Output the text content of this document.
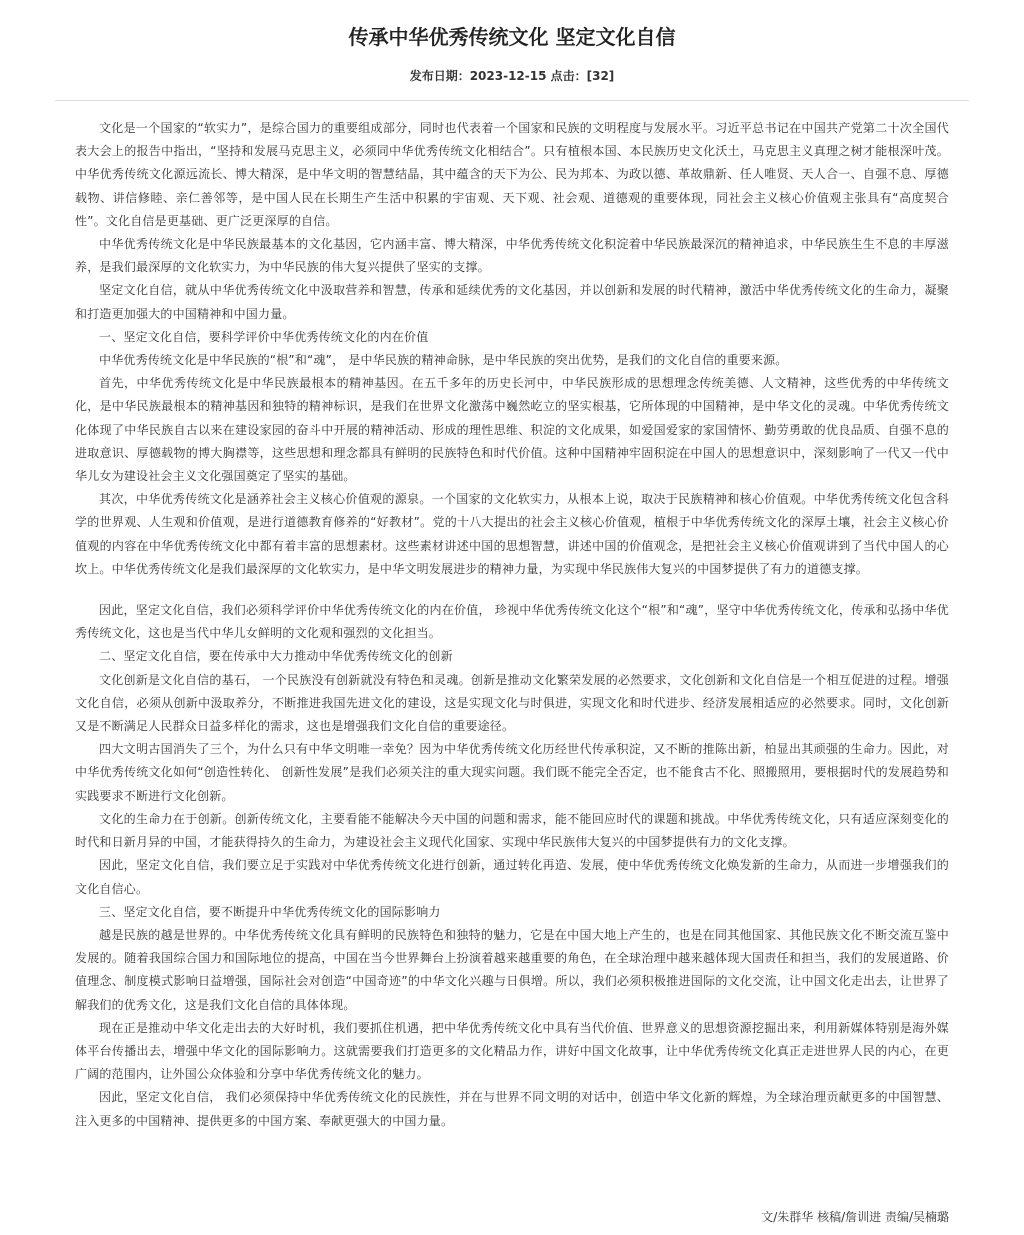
传承中华优秀传统文化 坚定文化自信
发布日期：2023-12-15 点击：[32]

文化是一个国家的“软实力”，是综合国力的重要组成部分，同时也代表着一个国家和民族的文明程度与发展水平。习近平总书记在中国共产党第二十次全国代表大会上的报告中指出，“坚持和发展马克思主义，必须同中华优秀传统文化相结合”。只有植根本国、本民族历史文化沃土，马克思主义真理之树才能根深叶茂。中华优秀传统文化源远流长、博大精深，是中华文明的智慧结晶，其中蕴含的天下为公、民为邦本、为政以德、革故鼎新、任人唯贤、天人合一、自强不息、厚德载物、讲信修睦、亲仁善邻等，是中国人民在长期生产生活中积累的宇宙观、天下观、社会观、道德观的重要体现，同社会主义核心价值观主张具有“高度契合性”。文化自信是更基础、更广泛更深厚的自信。

中华优秀传统文化是中华民族最基本的文化基因，它内涵丰富、博大精深，中华优秀传统文化积淀着中华民族最深沉的精神追求，中华民族生生不息的丰厚滋养，是我们最深厚的文化软实力，为中华民族的伟大复兴提供了坚实的支撑。

坚定文化自信，就从中华优秀传统文化中汲取营养和智慧，传承和延续优秀的文化基因，并以创新和发展的时代精神，激活中华优秀传统文化的生命力，凝聚和打造更加强大的中国精神和中国力量。

一、坚定文化自信，要科学评价中华优秀传统文化的内在价值

中华优秀传统文化是中华民族的“根”和“魂”， 是中华民族的精神命脉，是中华民族的突出优势，是我们的文化自信的重要来源。

首先，中华优秀传统文化是中华民族最根本的精神基因。在五千多年的历史长河中，中华民族形成的思想理念传统美德、人文精神，这些优秀的中华传统文化，是中华民族最根本的精神基因和独特的精神标识，是我们在世界文化激荡中巍然屹立的坚实根基，它所体现的中国精神，是中华文化的灵魂。中华优秀传统文化体现了中华民族自古以来在建设家园的奋斗中开展的精神活动、形成的理性思维、积淀的文化成果，如爱国爱家的家国情怀、勤劳勇敢的优良品质、自强不息的进取意识、厚德载物的博大胸襟等，这些思想和理念都具有鲜明的民族特色和时代价值。这种中国精神牢固积淀在中国人的思想意识中，深刻影响了一代又一代中华儿女为建设社会主义文化强国奠定了坚实的基础。

其次，中华优秀传统文化是涵养社会主义核心价值观的源泉。一个国家的文化软实力，从根本上说，取决于民族精神和核心价值观。中华优秀传统文化包含科学的世界观、人生观和价值观，是进行道德教育修养的“好教材”。党的十八大提出的社会主义核心价值观，植根于中华优秀传统文化的深厚土壤，社会主义核心价值观的内容在中华优秀传统文化中都有着丰富的思想素材。这些素材讲述中国的思想智慧，讲述中国的价值观念，是把社会主义核心价值观讲到了当代中国人的心坎上。中华优秀传统文化是我们最深厚的文化软实力，是中华文明发展进步的精神力量，为实现中华民族伟大复兴的中国梦提供了有力的道德支撑。

因此，坚定文化自信，我们必须科学评价中华优秀传统文化的内在价值， 珍视中华优秀传统文化这个“根”和“魂”，坚守中华优秀传统文化，传承和弘扬中华优秀传统文化，这也是当代中华儿女鲜明的文化观和强烈的文化担当。

二、坚定文化自信，要在传承中大力推动中华优秀传统文化的创新

文化创新是文化自信的基石， 一个民族没有创新就没有特色和灵魂。创新是推动文化繁荣发展的必然要求，文化创新和文化自信是一个相互促进的过程。增强文化自信，必须从创新中汲取养分，不断推进我国先进文化的建设，这是实现文化与时俱进，实现文化和时代进步、经济发展相适应的必然要求。同时，文化创新又是不断满足人民群众日益多样化的需求，这也是增强我们文化自信的重要途径。

四大文明古国消失了三个，为什么只有中华文明唯一幸免？因为中华优秀传统文化历经世代传承积淀，又不断的推陈出新，柏显出其顽强的生命力。因此，对中华优秀传统文化如何“创造性转化、 创新性发展”是我们必须关注的重大现实问题。我们既不能完全否定，也不能食古不化、照搬照用，要根据时代的发展趋势和实践要求不断进行文化创新。

文化的生命力在于创新。创新传统文化，主要看能不能解决今天中国的问题和需求，能不能回应时代的课题和挑战。中华优秀传统文化，只有适应深刻变化的时代和日新月异的中国，才能获得持久的生命力，为建设社会主义现代化国家、实现中华民族伟大复兴的中国梦提供有力的文化支撑。

因此，坚定文化自信，我们要立足于实践对中华优秀传统文化进行创新，通过转化再造、发展，使中华优秀传统文化焕发新的生命力，从而进一步增强我们的文化自信心。

三、坚定文化自信，要不断提升中华优秀传统文化的国际影响力

越是民族的越是世界的。中华优秀传统文化具有鲜明的民族特色和独特的魅力，它是在中国大地上产生的，也是在同其他国家、其他民族文化不断交流互鉴中发展的。随着我国综合国力和国际地位的提高，中国在当今世界舞台上扮演着越来越重要的角色，在全球治理中越来越体现大国责任和担当，我们的发展道路、价值理念、制度模式影响日益增强，国际社会对创造“中国奇迹”的中华文化兴趣与日俱增。所以，我们必须积极推进国际的文化交流，让中国文化走出去，让世界了解我们的优秀文化，这是我们文化自信的具体体现。

现在正是推动中华文化走出去的大好时机，我们要抓住机遇，把中华优秀传统文化中具有当代价值、世界意义的思想资源挖掘出来，利用新媒体特别是海外媒体平台传播出去，增强中华文化的国际影响力。这就需要我们打造更多的文化精品力作，讲好中国文化故事，让中华优秀传统文化真正走进世界人民的内心，在更广阔的范围内，让外国公众体验和分享中华优秀传统文化的魅力。

因此，坚定文化自信， 我们必须保持中华优秀传统文化的民族性，并在与世界不同文明的对话中，创造中华文化新的辉煌，为全球治理贡献更多的中国智慧、注入更多的中国精神、提供更多的中国方案、奉献更强大的中国力量。

文/朱群华 核稿/詹训进 责编/吴楠璐
